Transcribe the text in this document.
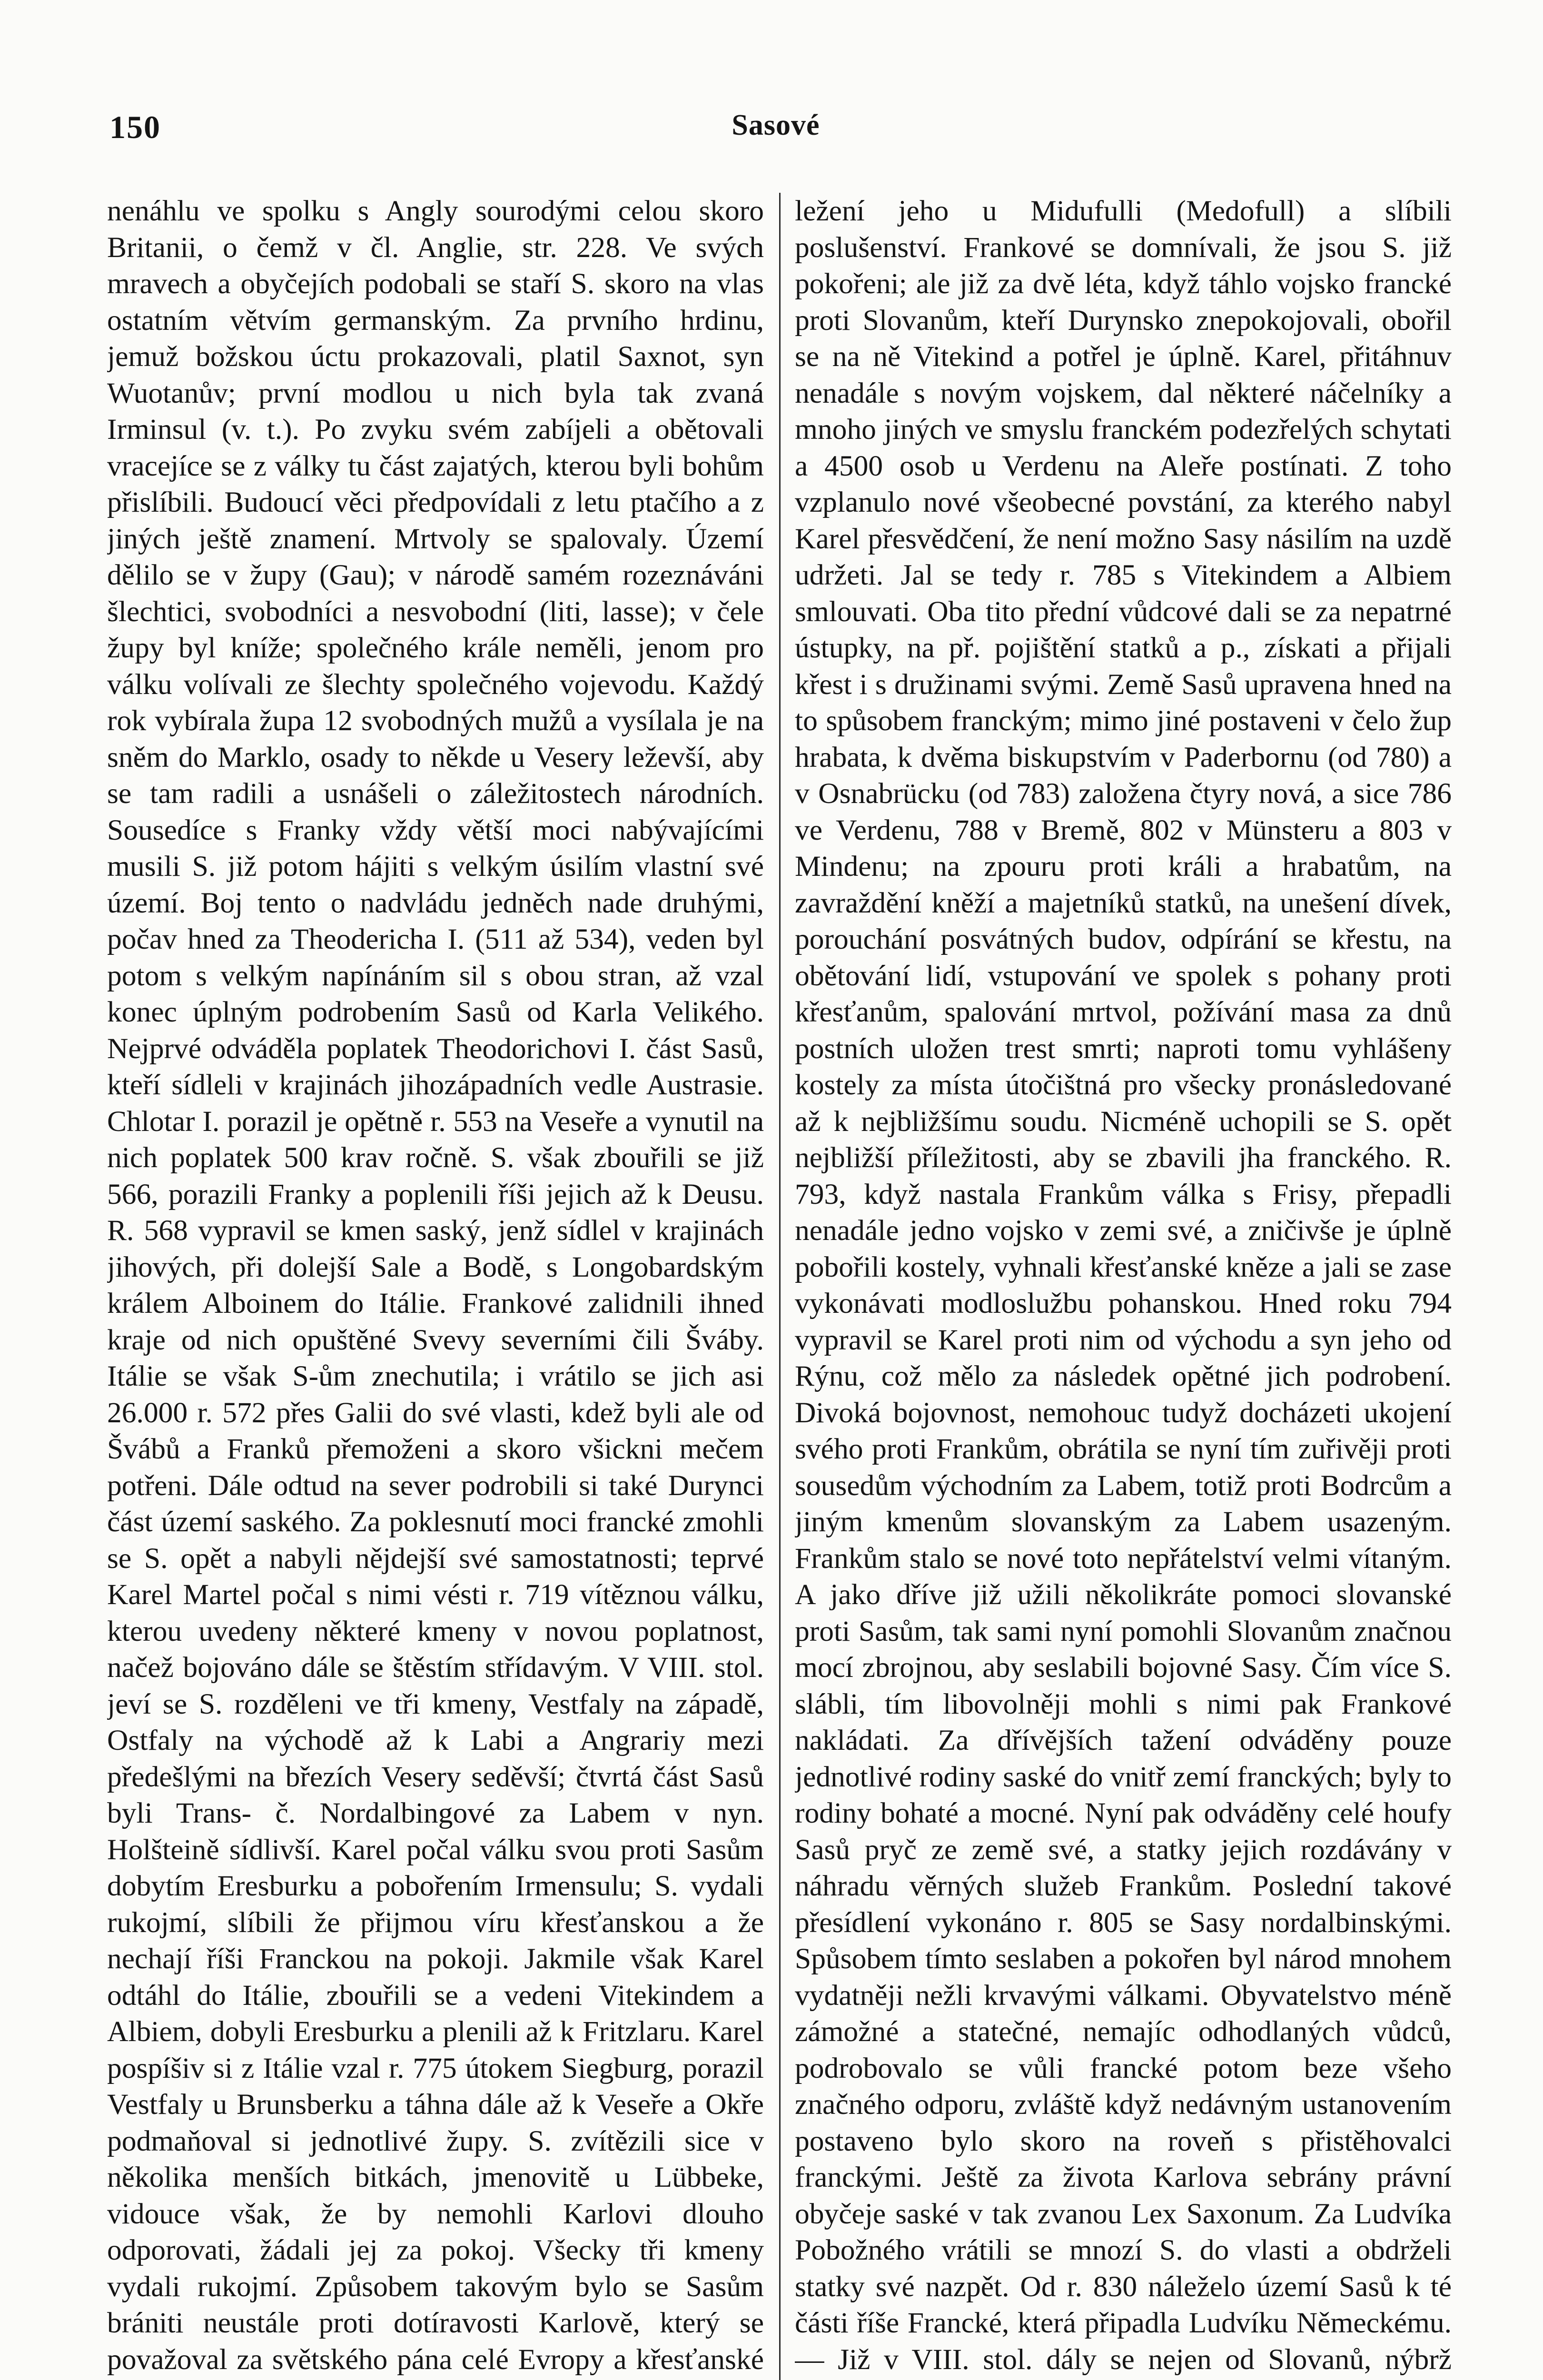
150	Sasové

nenáhlu ve spolku s Angly sourodými celou skoro Britanii, o čemž v čl. Anglie, str. 228. Ve svých mravech a obyčejích podobali se staří S. skoro na vlas ostatním větvím germanským. Za prvního hrdinu, jemuž božskou úctu prokazovali, platil Saxnot, syn Wuotanův; první modlou u nich byla tak zvaná Irminsul (v. t.). Po zvyku svém zabíjeli a obětovali vracejíce se z války tu část zajatých, kterou byli bohům přislíbili. Budoucí věci předpovídali z letu ptačího a z jiných ještě znamení. Mrtvoly se spalovaly. Území dělilo se v župy (Gau); v národě samém rozeznáváni šlechtici, svobodníci a nesvobodní (liti, lasse); v čele župy byl kníže; společného krále neměli, jenom pro válku volívali ze šlechty společného vojevodu. Každý rok vybírala župa 12 svobodných mužů a vysílala je na sněm do Marklo, osady to někde u Vesery leževší, aby se tam radili a usnášeli o záležitostech národních. Sousedíce s Franky vždy větší moci nabývajícími musili S. již potom hájiti s velkým úsilím vlastní své území. Boj tento o nadvládu jedněch nade druhými, počav hned za Theodericha I. (511 až 534), veden byl potom s velkým napínáním sil s obou stran, až vzal konec úplným podrobením Sasů od Karla Velikého. Nejprvé odváděla poplatek Theodorichovi I. část Sasů, kteří sídleli v krajinách jihozápadních vedle Austrasie. Chlotar I. porazil je opětně r. 553 na Veseře a vynutil na nich poplatek 500 krav ročně. S. však zbouřili se již 566, porazili Franky a poplenili říši jejich až k Deusu. R. 568 vypravil se kmen saský, jenž sídlel v krajinách jihových, při dolejší Sale a Bodě, s Longobardským králem Alboinem do Itálie. Frankové zalidnili ihned kraje od nich opuštěné Svevy severními čili Šváby. Itálie se však S-ům znechutila; i vrátilo se jich asi 26.000 r. 572 přes Galii do své vlasti, kdež byli ale od Švábů a Franků přemoženi a skoro všickni mečem potřeni. Dále odtud na sever podrobili si také Durynci část území saského. Za poklesnutí moci francké zmohli se S. opět a nabyli nějdejší své samostatnosti; teprvé Karel Martel počal s nimi vésti r. 719 vítěznou válku, kterou uvedeny některé kmeny v novou poplatnost, načež bojováno dále se štěstím střídavým. V VIII. stol. jeví se S. rozděleni ve tři kmeny, Vestfaly na západě, Ostfaly na východě až k Labi a Angrariy mezi předešlými na březích Vesery seděvší; čtvrtá část Sasů byli Trans- č. Nordalbingové za Labem v nyn. Holšteině sídlivší. Karel počal válku svou proti Sasům dobytím Eresburku a pobořením Irmensulu; S. vydali rukojmí, slíbili že přijmou víru křesťanskou a že nechají říši Franckou na pokoji. Jakmile však Karel odtáhl do Itálie, zbouřili se a vedeni Vitekindem a Albiem, dobyli Eresburku a plenili až k Fritzlaru. Karel pospíšiv si z Itálie vzal r. 775 útokem Siegburg, porazil Vestfaly u Brunsberku a táhna dále až k Veseře a Okře podmaňoval si jednotlivé župy. S. zvítězili sice v několika menších bitkách, jmenovitě u Lübbeke, vidouce však, že by nemohli Karlovi dlouho odporovati, žádali jej za pokoj. Všecky tři kmeny vydali rukojmí. Způsobem takovým bylo se Sasům brániti neustále proti dotíravosti Karlově, který se považoval za světského pána celé Evropy a křesťanské

ležení jeho u Midufulli (Medofull) a slíbili poslušenství. Frankové se domnívali, že jsou S. již pokořeni; ale již za dvě léta, když táhlo vojsko francké proti Slovanům, kteří Durynsko znepokojovali, obořil se na ně Vitekind a potřel je úplně. Karel, přitáhnuv nenadále s novým vojskem, dal některé náčelníky a mnoho jiných ve smyslu franckém podezřelých schytati a 4500 osob u Verdenu na Aleře postínati. Z toho vzplanulo nové všeobecné povstání, za kterého nabyl Karel přesvědčení, že není možno Sasy násilím na uzdě udržeti. Jal se tedy r. 785 s Vitekindem a Albiem smlouvati. Oba tito přední vůdcové dali se za nepatrné ústupky, na př. pojištění statků a p., získati a přijali křest i s družinami svými. Země Sasů upravena hned na to spůsobem franckým; mimo jiné postaveni v čelo žup hrabata, k dvěma biskupstvím v Paderbornu (od 780) a v Osnabrücku (od 783) založena čtyry nová, a sice 786 ve Verdenu, 788 v Bremě, 802 v Münsteru a 803 v Mindenu; na zpouru proti králi a hrabatům, na zavraždění kněží a majetníků statků, na unešení dívek, porouchání posvátných budov, odpírání se křestu, na obětování lidí, vstupování ve spolek s pohany proti křesťanům, spalování mrtvol, požívání masa za dnů postních uložen trest smrti; naproti tomu vyhlášeny kostely za místa útočištná pro všecky pronásledované až k nejbližšímu soudu. Nicméně uchopili se S. opět nejbližší příležitosti, aby se zbavili jha franckého. R. 793, když nastala Frankům válka s Frisy, přepadli nenadále jedno vojsko v zemi své, a zničivše je úplně pobořili kostely, vyhnali křesťanské kněze a jali se zase vykonávati modloslužbu pohanskou. Hned roku 794 vypravil se Karel proti nim od východu a syn jeho od Rýnu, což mělo za následek opětné jich podrobení. Divoká bojovnost, nemohouc tudyž docházeti ukojení svého proti Frankům, obrátila se nyní tím zuřivěji proti sousedům východním za Labem, totiž proti Bodrcům a jiným kmenům slovanským za Labem usazeným. Frankům stalo se nové toto nepřátelství velmi vítaným. A jako dříve již užili několikráte pomoci slovanské proti Sasům, tak sami nyní pomohli Slovanům značnou mocí zbrojnou, aby seslabili bojovné Sasy. Čím více S. slábli, tím libovolněji mohli s nimi pak Frankové nakládati. Za dřívějších tažení odváděny pouze jednotlivé rodiny saské do vnitř zemí franckých; byly to rodiny bohaté a mocné. Nyní pak odváděny celé houfy Sasů pryč ze země své, a statky jejich rozdávány v náhradu věrných služeb Frankům. Poslední takové přesídlení vykonáno r. 805 se Sasy nordalbinskými. Spůsobem tímto seslaben a pokořen byl národ mnohem vydatněji nežli krvavými válkami. Obyvatelstvo méně zámožné a statečné, nemajíc odhodlaných vůdců, podrobovalo se vůli francké potom beze všeho značného odporu, zvláště když nedávným ustanovením postaveno bylo skoro na roveň s přistěhovalci franckými. Ještě za života Karlova sebrány právní obyčeje saské v tak zvanou Lex Saxonum. Za Ludvíka Pobožného vrátili se mnozí S. do vlasti a obdrželi statky své nazpět. Od r. 830 náleželo území Sasů k té části říše Francké, která připadla Ludvíku Německému. — Již v VIII. stol. dály se nejen od Slovanů, nýbrž
